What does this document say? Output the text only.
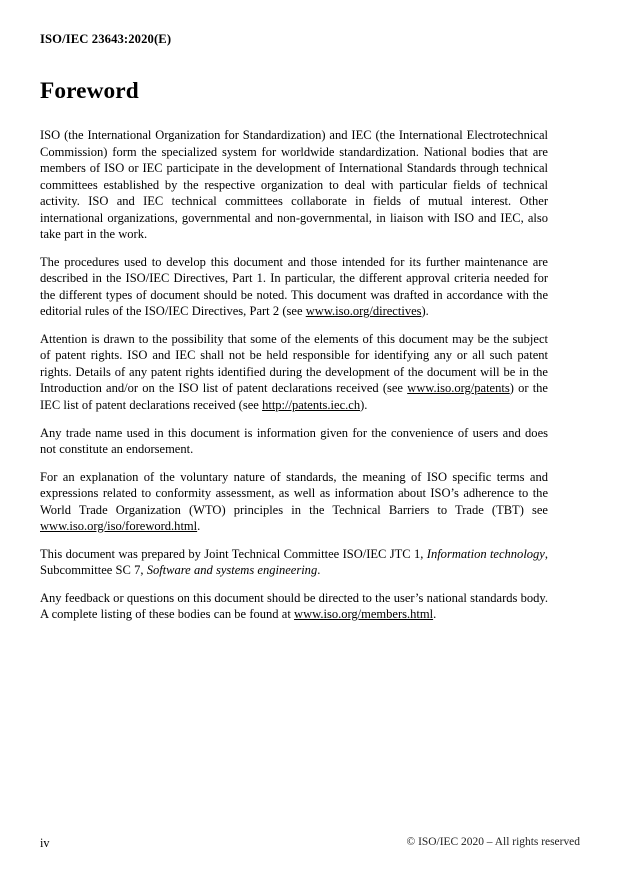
ISO/IEC 23643:2020(E)
Foreword

ISO (the International Organization for Standardization) and IEC (the International Electrotechnical Commission) form the specialized system for worldwide standardization. National bodies that are members of ISO or IEC participate in the development of International Standards through technical committees established by the respective organization to deal with particular fields of technical activity. ISO and IEC technical committees collaborate in fields of mutual interest. Other international organizations, governmental and non-governmental, in liaison with ISO and IEC, also take part in the work.

The procedures used to develop this document and those intended for its further maintenance are described in the ISO/IEC Directives, Part 1. In particular, the different approval criteria needed for the different types of document should be noted. This document was drafted in accordance with the editorial rules of the ISO/IEC Directives, Part 2 (see www.iso.org/directives).

Attention is drawn to the possibility that some of the elements of this document may be the subject of patent rights. ISO and IEC shall not be held responsible for identifying any or all such patent rights. Details of any patent rights identified during the development of the document will be in the Introduction and/or on the ISO list of patent declarations received (see www.iso.org/patents) or the IEC list of patent declarations received (see http://patents.iec.ch).

Any trade name used in this document is information given for the convenience of users and does not constitute an endorsement.

For an explanation of the voluntary nature of standards, the meaning of ISO specific terms and expressions related to conformity assessment, as well as information about ISO’s adherence to the World Trade Organization (WTO) principles in the Technical Barriers to Trade (TBT) see www.iso.org/iso/foreword.html.

This document was prepared by Joint Technical Committee ISO/IEC JTC 1, Information technology, Subcommittee SC 7, Software and systems engineering.

Any feedback or questions on this document should be directed to the user’s national standards body. A complete listing of these bodies can be found at www.iso.org/members.html.

iv	© ISO/IEC 2020 – All rights reserved
